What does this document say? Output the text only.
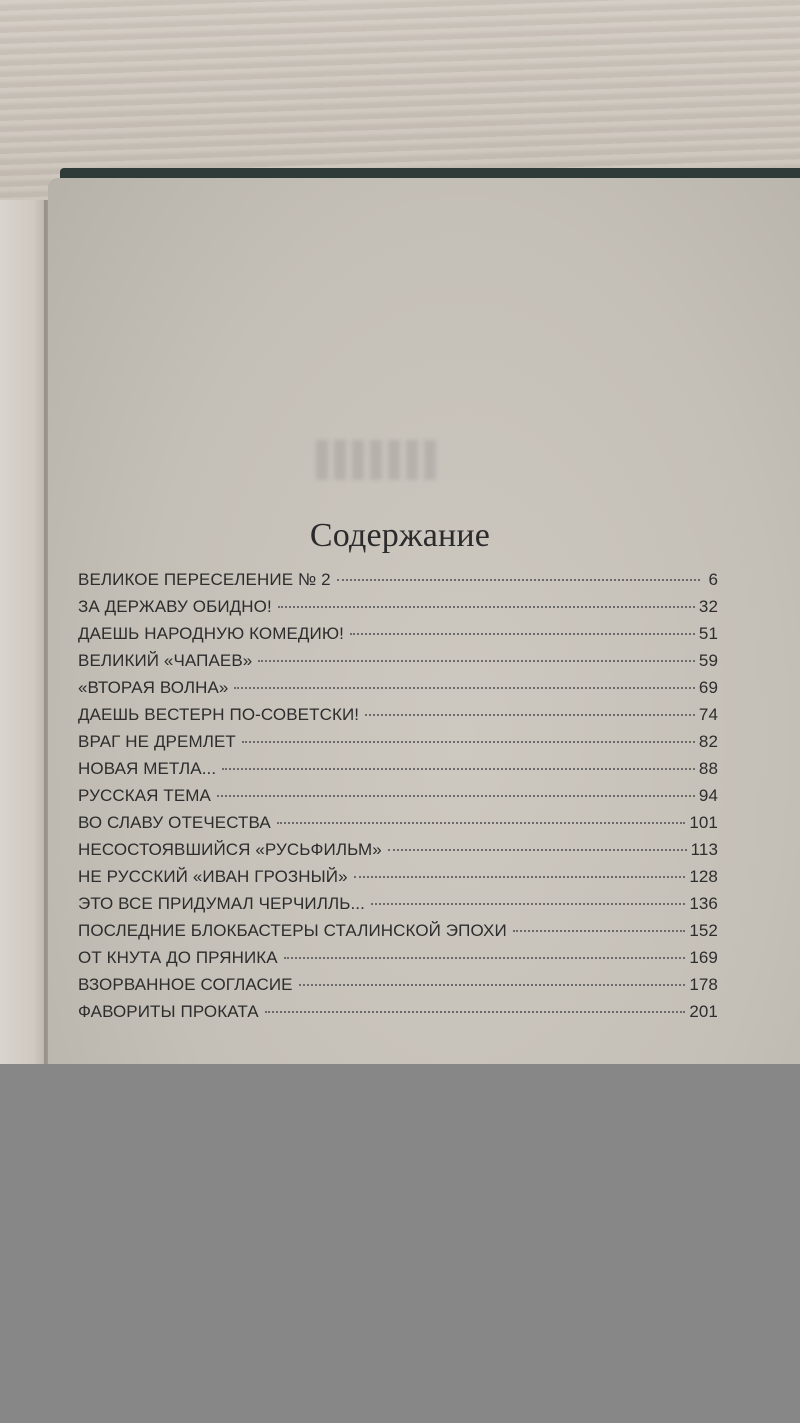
Содержание
ВЕЛИКОЕ ПЕРЕСЕЛЕНИЕ № 2	6
ЗА ДЕРЖАВУ ОБИДНО!	32
ДАЕШЬ НАРОДНУЮ КОМЕДИЮ!	51
ВЕЛИКИЙ «ЧАПАЕВ»	59
«ВТОРАЯ ВОЛНА»	69
ДАЕШЬ ВЕСТЕРН ПО-СОВЕТСКИ!	74
ВРАГ НЕ ДРЕМЛЕТ	82
НОВАЯ МЕТЛА...	88
РУССКАЯ ТЕМА	94
ВО СЛАВУ ОТЕЧЕСТВА	101
НЕСОСТОЯВШИЙСЯ «РУСЬФИЛЬМ»	113
НЕ РУССКИЙ «ИВАН ГРОЗНЫЙ»	128
ЭТО ВСЕ ПРИДУМАЛ ЧЕРЧИЛЛЬ...	136
ПОСЛЕДНИЕ БЛОКБАСТЕРЫ СТАЛИНСКОЙ ЭПОХИ	152
ОТ КНУТА ДО ПРЯНИКА	169
ВЗОРВАННОЕ СОГЛАСИЕ	178
ФАВОРИТЫ ПРОКАТА	201
